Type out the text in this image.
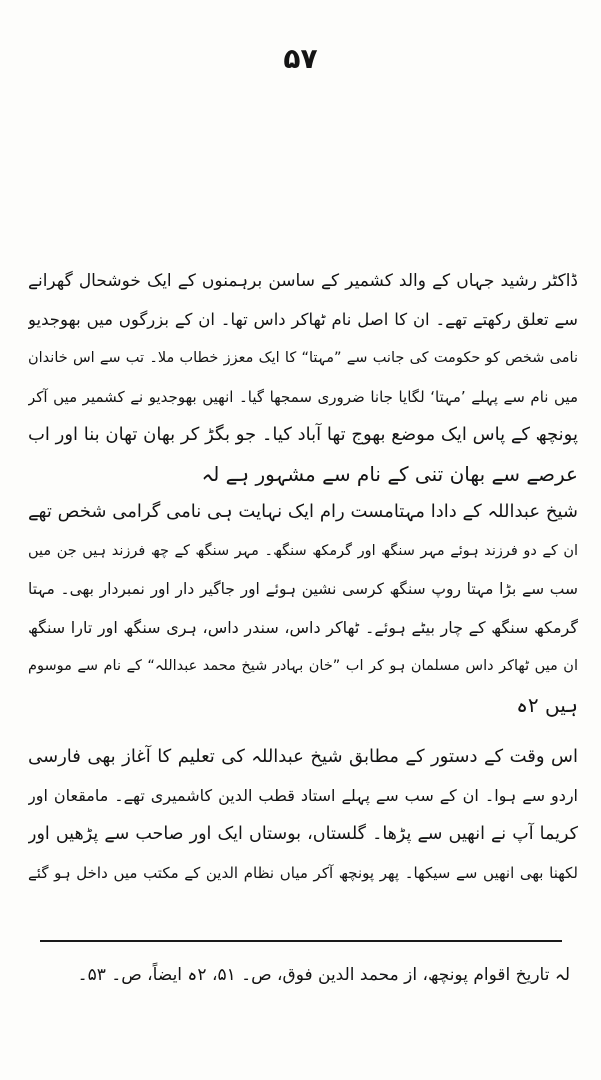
۵۷
ڈاکٹر رشید جہاں کے والد کشمیر کے ساسن برہمنوں کے ایک خوشحال گھرانے
سے تعلق رکھتے تھے۔ ان کا اصل نام ٹھاکر داس تھا۔ ان کے بزرگوں میں بھوجدیو
نامی شخص کو حکومت کی جانب سے ”مہتا“ کا ایک معزز خطاب ملا۔ تب سے اس خاندان
میں نام سے پہلے ’مہتا‘ لگایا جانا ضروری سمجھا گیا۔ انھیں بھوجدیو نے کشمیر میں آکر
پونچھ کے پاس ایک موضع بھوج تھا آباد کیا۔ جو بگڑ کر بھان تھان بنا اور اب
عرصے سے بھان تنی کے نام سے مشہور ہے لہ
شیخ عبداللہ کے دادا مہتامست رام ایک نہایت ہی نامی گرامی شخص تھے
ان کے دو فرزند ہوئے مہر سنگھ اور گرمکھ سنگھ۔ مہر سنگھ کے چھ فرزند ہیں جن میں
سب سے بڑا مہتا روپ سنگھ کرسی نشین ہوئے اور جاگیر دار اور نمبردار بھی۔ مہتا
گرمکھ سنگھ کے چار بیٹے ہوئے۔ ٹھاکر داس، سندر داس، ہری سنگھ اور تارا سنگھ
ان میں ٹھاکر داس مسلمان ہو کر اب ”خان بہادر شیخ محمد عبداللہ“ کے نام سے موسوم
ہیں ٢ہ
اس وقت کے دستور کے مطابق شیخ عبداللہ کی تعلیم کا آغاز بھی فارسی
اردو سے ہوا۔ ان کے سب سے پہلے استاد قطب الدین کاشمیری تھے۔ مامقعان اور
کریما آپ نے انھیں سے پڑھا۔ گلستاں، بوستاں ایک اور صاحب سے پڑھیں اور
لکھنا بھی انھیں سے سیکھا۔ پھر پونچھ آکر میاں نظام الدین کے مکتب میں داخل ہو گئے
لہ تاریخ اقوام پونچھ، از محمد الدین فوق، ص۔ ۵۱، ٢ہ ایضاً، ص۔ ۵۳۔
